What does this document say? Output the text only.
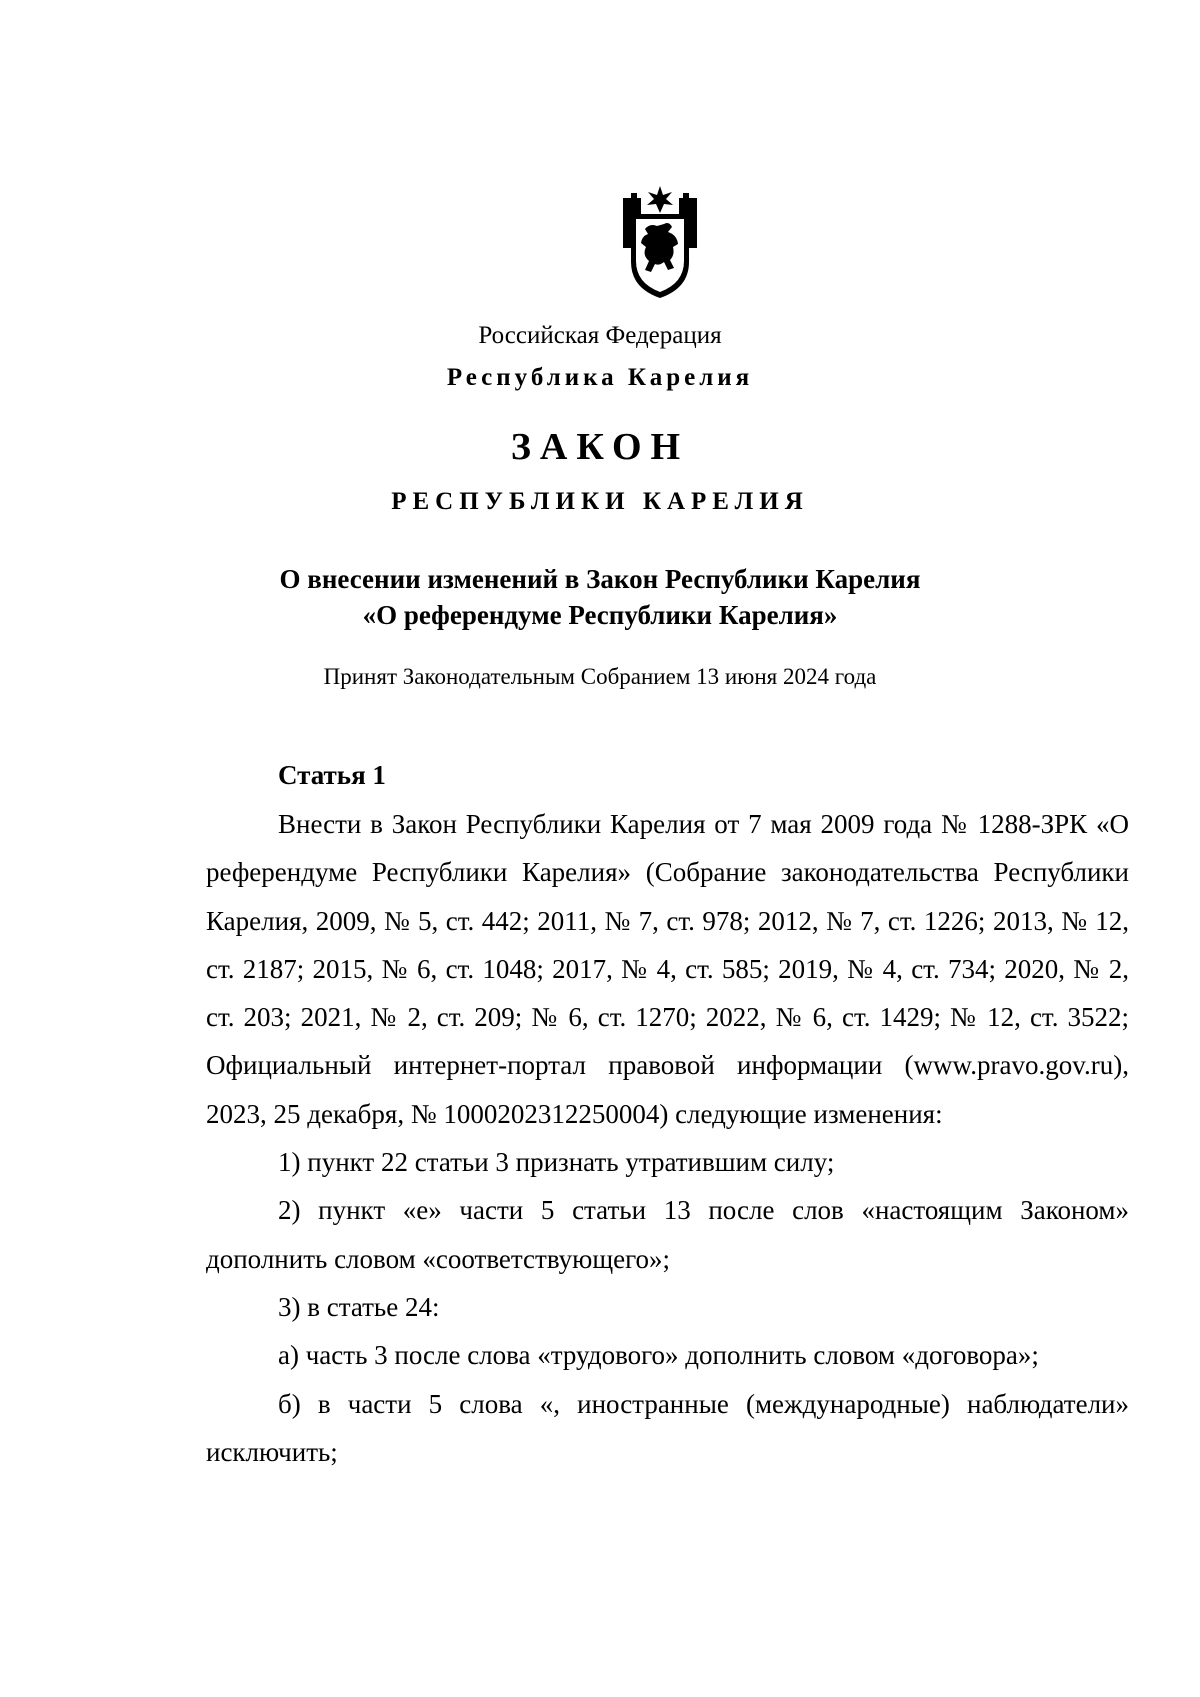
Российская Федерация
Республика Карелия
ЗАКОН
РЕСПУБЛИКИ КАРЕЛИЯ
О внесении изменений в Закон Республики Карелия
«О референдуме Республики Карелия»
Принят Законодательным Собранием 13 июня 2024 года
Статья 1

Внести в Закон Республики Карелия от 7 мая 2009 года № 1288-ЗРК «О референдуме Республики Карелия» (Собрание законодательства Республики Карелия, 2009, № 5, ст. 442; 2011, № 7, ст. 978; 2012, № 7, ст. 1226; 2013, № 12, ст. 2187; 2015, № 6, ст. 1048; 2017, № 4, ст. 585; 2019, № 4, ст. 734; 2020, № 2, ст. 203; 2021, № 2, ст. 209; № 6, ст. 1270; 2022, № 6, ст. 1429; № 12, ст. 3522; Официальный интернет-портал правовой информации (www.pravo.gov.ru), 2023, 25 декабря, № 1000202312250004) следующие изменения:

1) пункт 22 статьи 3 признать утратившим силу;

2) пункт «е» части 5 статьи 13 после слов «настоящим Законом» дополнить словом «соответствующего»;

3) в статье 24:

а) часть 3 после слова «трудового» дополнить словом «договора»;

б) в части 5 слова «, иностранные (международные) наблюдатели» исключить;
